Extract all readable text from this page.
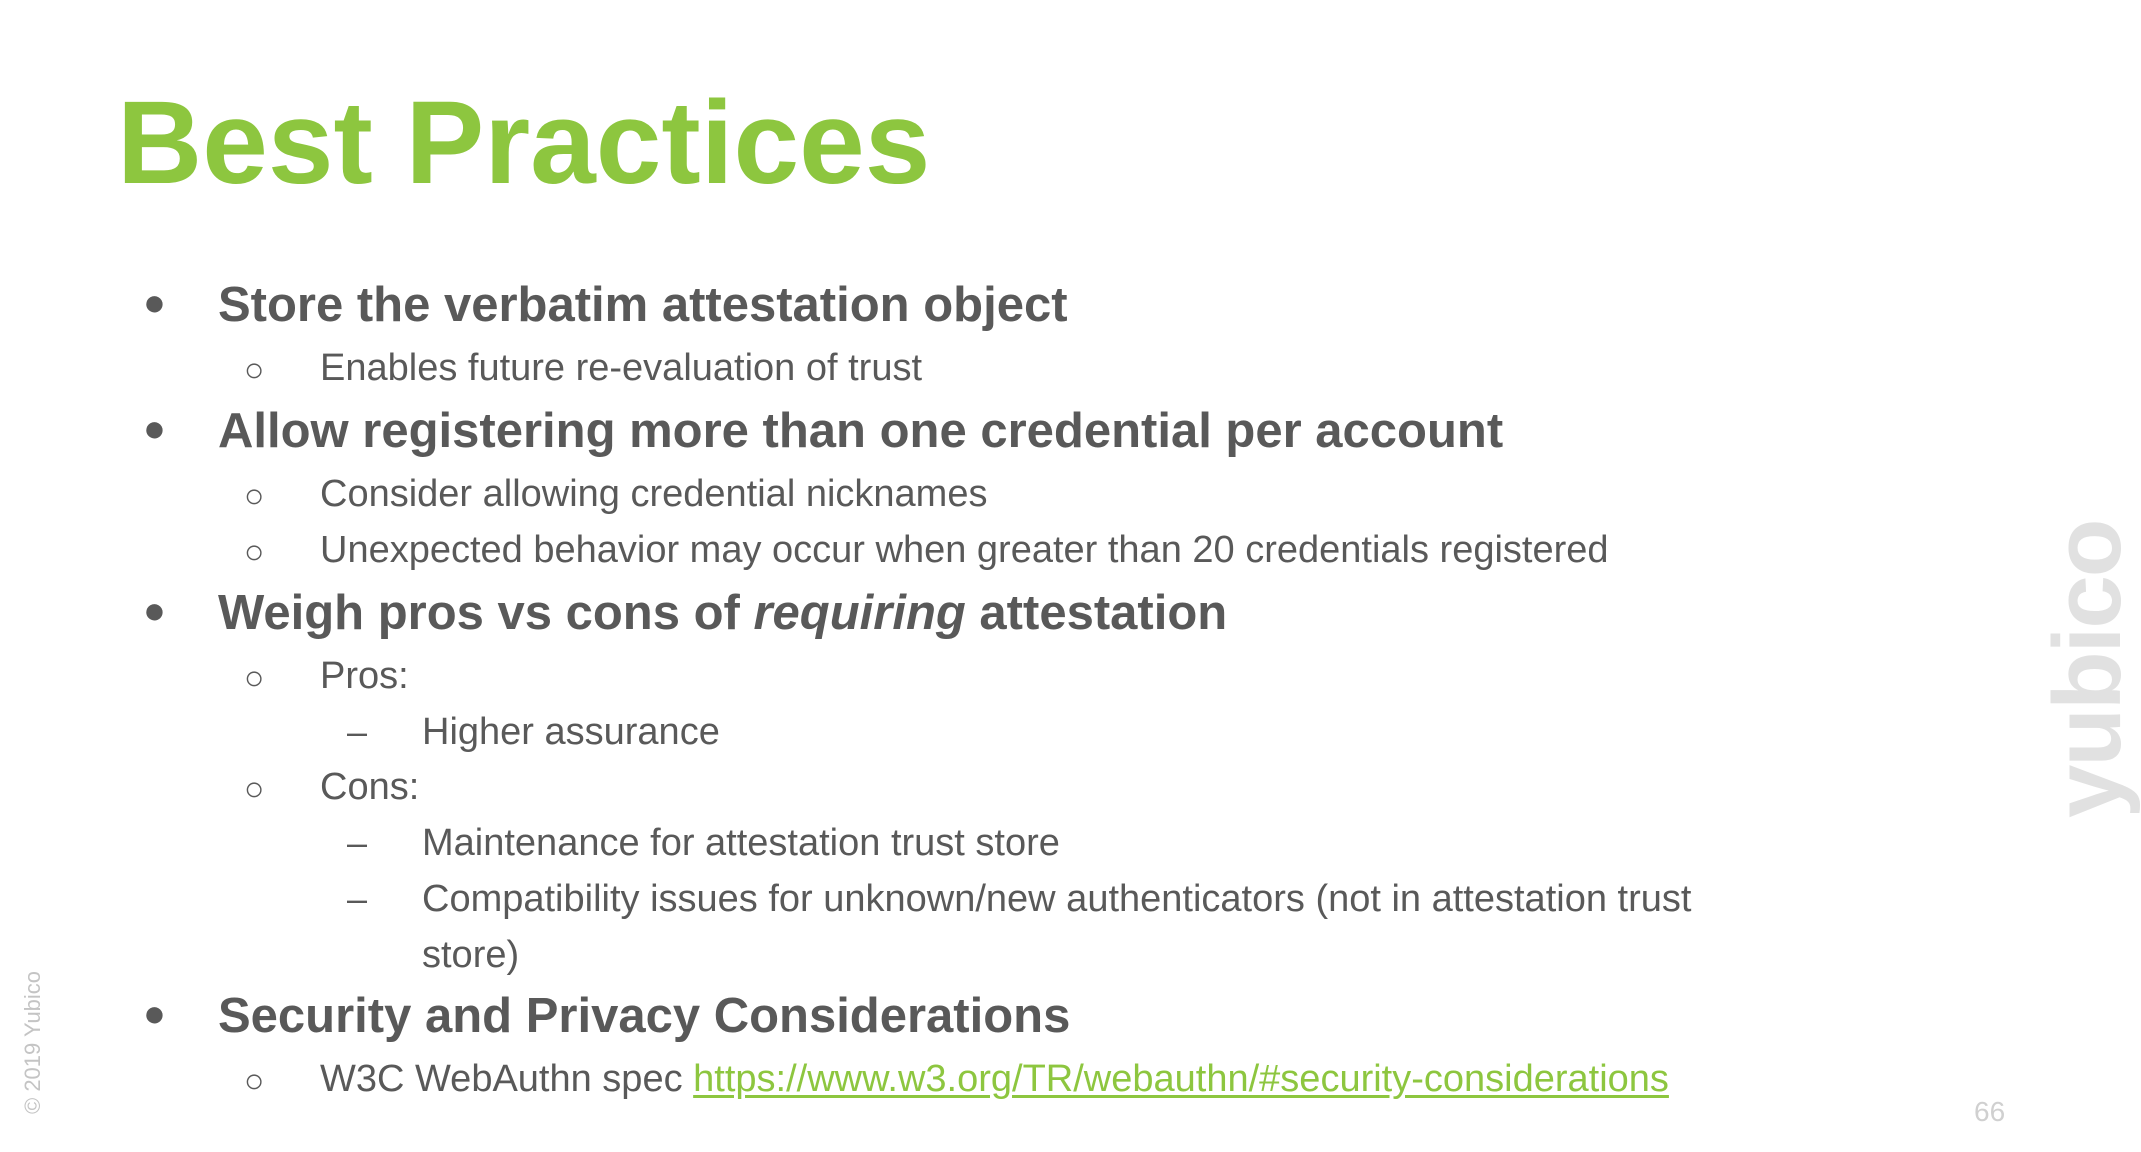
Best Practices
● Store the verbatim attestation object
○ Enables future re-evaluation of trust
● Allow registering more than one credential per account
○ Consider allowing credential nicknames
○ Unexpected behavior may occur when greater than 20 credentials registered
● Weigh pros vs cons of requiring attestation
○ Pros:
– Higher assurance
○ Cons:
– Maintenance for attestation trust store
– Compatibility issues for unknown/new authenticators (not in attestation trust
store)
● Security and Privacy Considerations
○ W3C WebAuthn spec https://www.w3.org/TR/webauthn/#security-considerations
© 2019 Yubico
yubico
66
